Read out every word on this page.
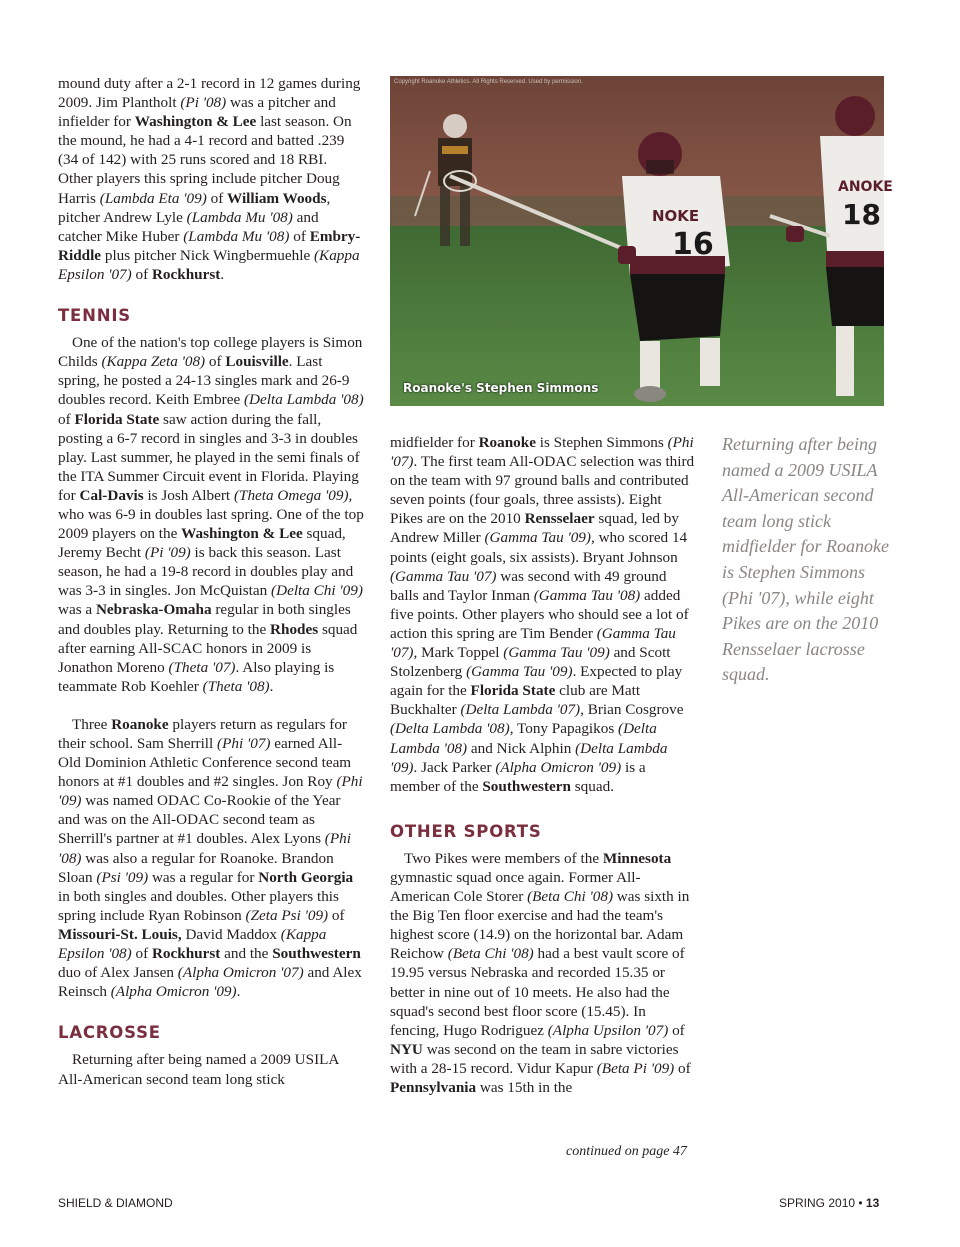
mound duty after a 2-1 record in 12 games during 2009. Jim Plantholt (Pi '08) was a pitcher and infielder for Washington & Lee last season. On the mound, he had a 4-1 record and batted .239 (34 of 142) with 25 runs scored and 18 RBI. Other players this spring include pitcher Doug Harris (Lambda Eta '09) of William Woods, pitcher Andrew Lyle (Lambda Mu '08) and catcher Mike Huber (Lambda Mu '08) of Embry-Riddle plus pitcher Nick Wingbermuehle (Kappa Epsilon '07) of Rockhurst.

TENNIS

One of the nation's top college players is Simon Childs (Kappa Zeta '08) of Louisville. Last spring, he posted a 24-13 singles mark and 26-9 doubles record. Keith Embree (Delta Lambda '08) of Florida State saw action during the fall, posting a 6-7 record in singles and 3-3 in doubles play. Last summer, he played in the semi finals of the ITA Summer Circuit event in Florida. Playing for Cal-Davis is Josh Albert (Theta Omega '09), who was 6-9 in doubles last spring. One of the top 2009 players on the Washington & Lee squad, Jeremy Becht (Pi '09) is back this season. Last season, he had a 19-8 record in doubles play and was 3-3 in singles. Jon McQuistan (Delta Chi '09) was a Nebraska-Omaha regular in both singles and doubles play. Returning to the Rhodes squad after earning All-SCAC honors in 2009 is Jonathon Moreno (Theta '07). Also playing is teammate Rob Koehler (Theta '08).

Three Roanoke players return as regulars for their school. Sam Sherrill (Phi '07) earned All-Old Dominion Athletic Conference second team honors at #1 doubles and #2 singles. Jon Roy (Phi '09) was named ODAC Co-Rookie of the Year and was on the All-ODAC second team as Sherrill's partner at #1 doubles. Alex Lyons (Phi '08) was also a regular for Roanoke. Brandon Sloan (Psi '09) was a regular for North Georgia in both singles and doubles. Other players this spring include Ryan Robinson (Zeta Psi '09) of Missouri-St. Louis, David Maddox (Kappa Epsilon '08) of Rockhurst and the Southwestern duo of Alex Jansen (Alpha Omicron '07) and Alex Reinsch (Alpha Omicron '09).

LACROSSE

Returning after being named a 2009 USILA All-American second team long stick

NOKE
16
ANOKE
18
Copyright Roanoke Athletics. All Rights Reserved. Used by permission.
Roanoke's Stephen Simmons

midfielder for Roanoke is Stephen Simmons (Phi '07). The first team All-ODAC selection was third on the team with 97 ground balls and contributed seven points (four goals, three assists). Eight Pikes are on the 2010 Rensselaer squad, led by Andrew Miller (Gamma Tau '09), who scored 14 points (eight goals, six assists). Bryant Johnson (Gamma Tau '07) was second with 49 ground balls and Taylor Inman (Gamma Tau '08) added five points. Other players who should see a lot of action this spring are Tim Bender (Gamma Tau '07), Mark Toppel (Gamma Tau '09) and Scott Stolzenberg (Gamma Tau '09). Expected to play again for the Florida State club are Matt Buckhalter (Delta Lambda '07), Brian Cosgrove (Delta Lambda '08), Tony Papagikos (Delta Lambda '08) and Nick Alphin (Delta Lambda '09). Jack Parker (Alpha Omicron '09) is a member of the Southwestern squad.

OTHER SPORTS

Two Pikes were members of the Minnesota gymnastic squad once again. Former All-American Cole Storer (Beta Chi '08) was sixth in the Big Ten floor exercise and had the team's highest score (14.9) on the horizontal bar. Adam Reichow (Beta Chi '08) had a best vault score of 19.95 versus Nebraska and recorded 15.35 or better in nine out of 10 meets. He also had the squad's second best floor score (15.45). In fencing, Hugo Rodriguez (Alpha Upsilon '07) of NYU was second on the team in sabre victories with a 28-15 record. Vidur Kapur (Beta Pi '09) of Pennsylvania was 15th in the

Returning after being named a 2009 USILA All-American second team long stick midfielder for Roanoke is Stephen Simmons (Phi '07), while eight Pikes are on the 2010 Rensselaer lacrosse squad.
continued on page 47
SHIELD & DIAMOND	SPRING 2010 • 13
